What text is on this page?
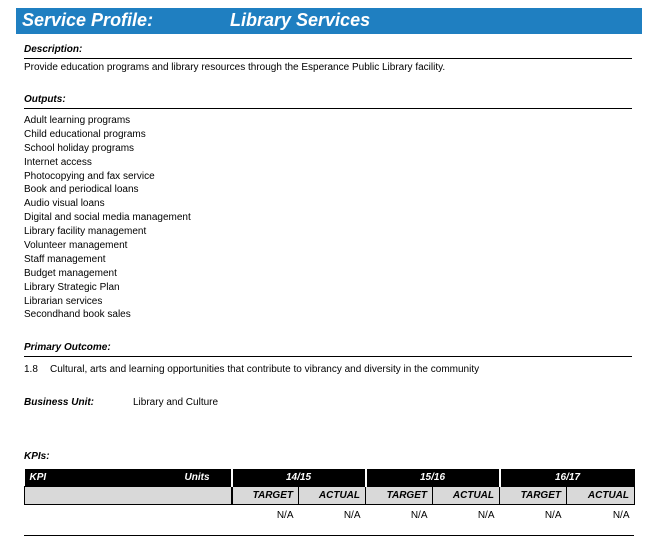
Service Profile:	Library Services
Description:
Provide education programs and library resources through the Esperance Public Library facility.
Outputs:
Adult learning programs
Child educational programs
School holiday programs
Internet access
Photocopying and fax service
Book and periodical loans
Audio visual loans
Digital and social media management
Library facility management
Volunteer management
Staff management
Budget management
Library Strategic Plan
Librarian services
Secondhand book sales
Primary Outcome:
1.8 Cultural, arts and learning opportunities that contribute to vibrancy and diversity in the community
Business Unit:	Library and Culture
KPIs:
KPI Units	14/15		15/16		16/17	
	TARGET	ACTUAL	TARGET	ACTUAL	TARGET	ACTUAL
	N/A	N/A	N/A	N/A	N/A	N/A
